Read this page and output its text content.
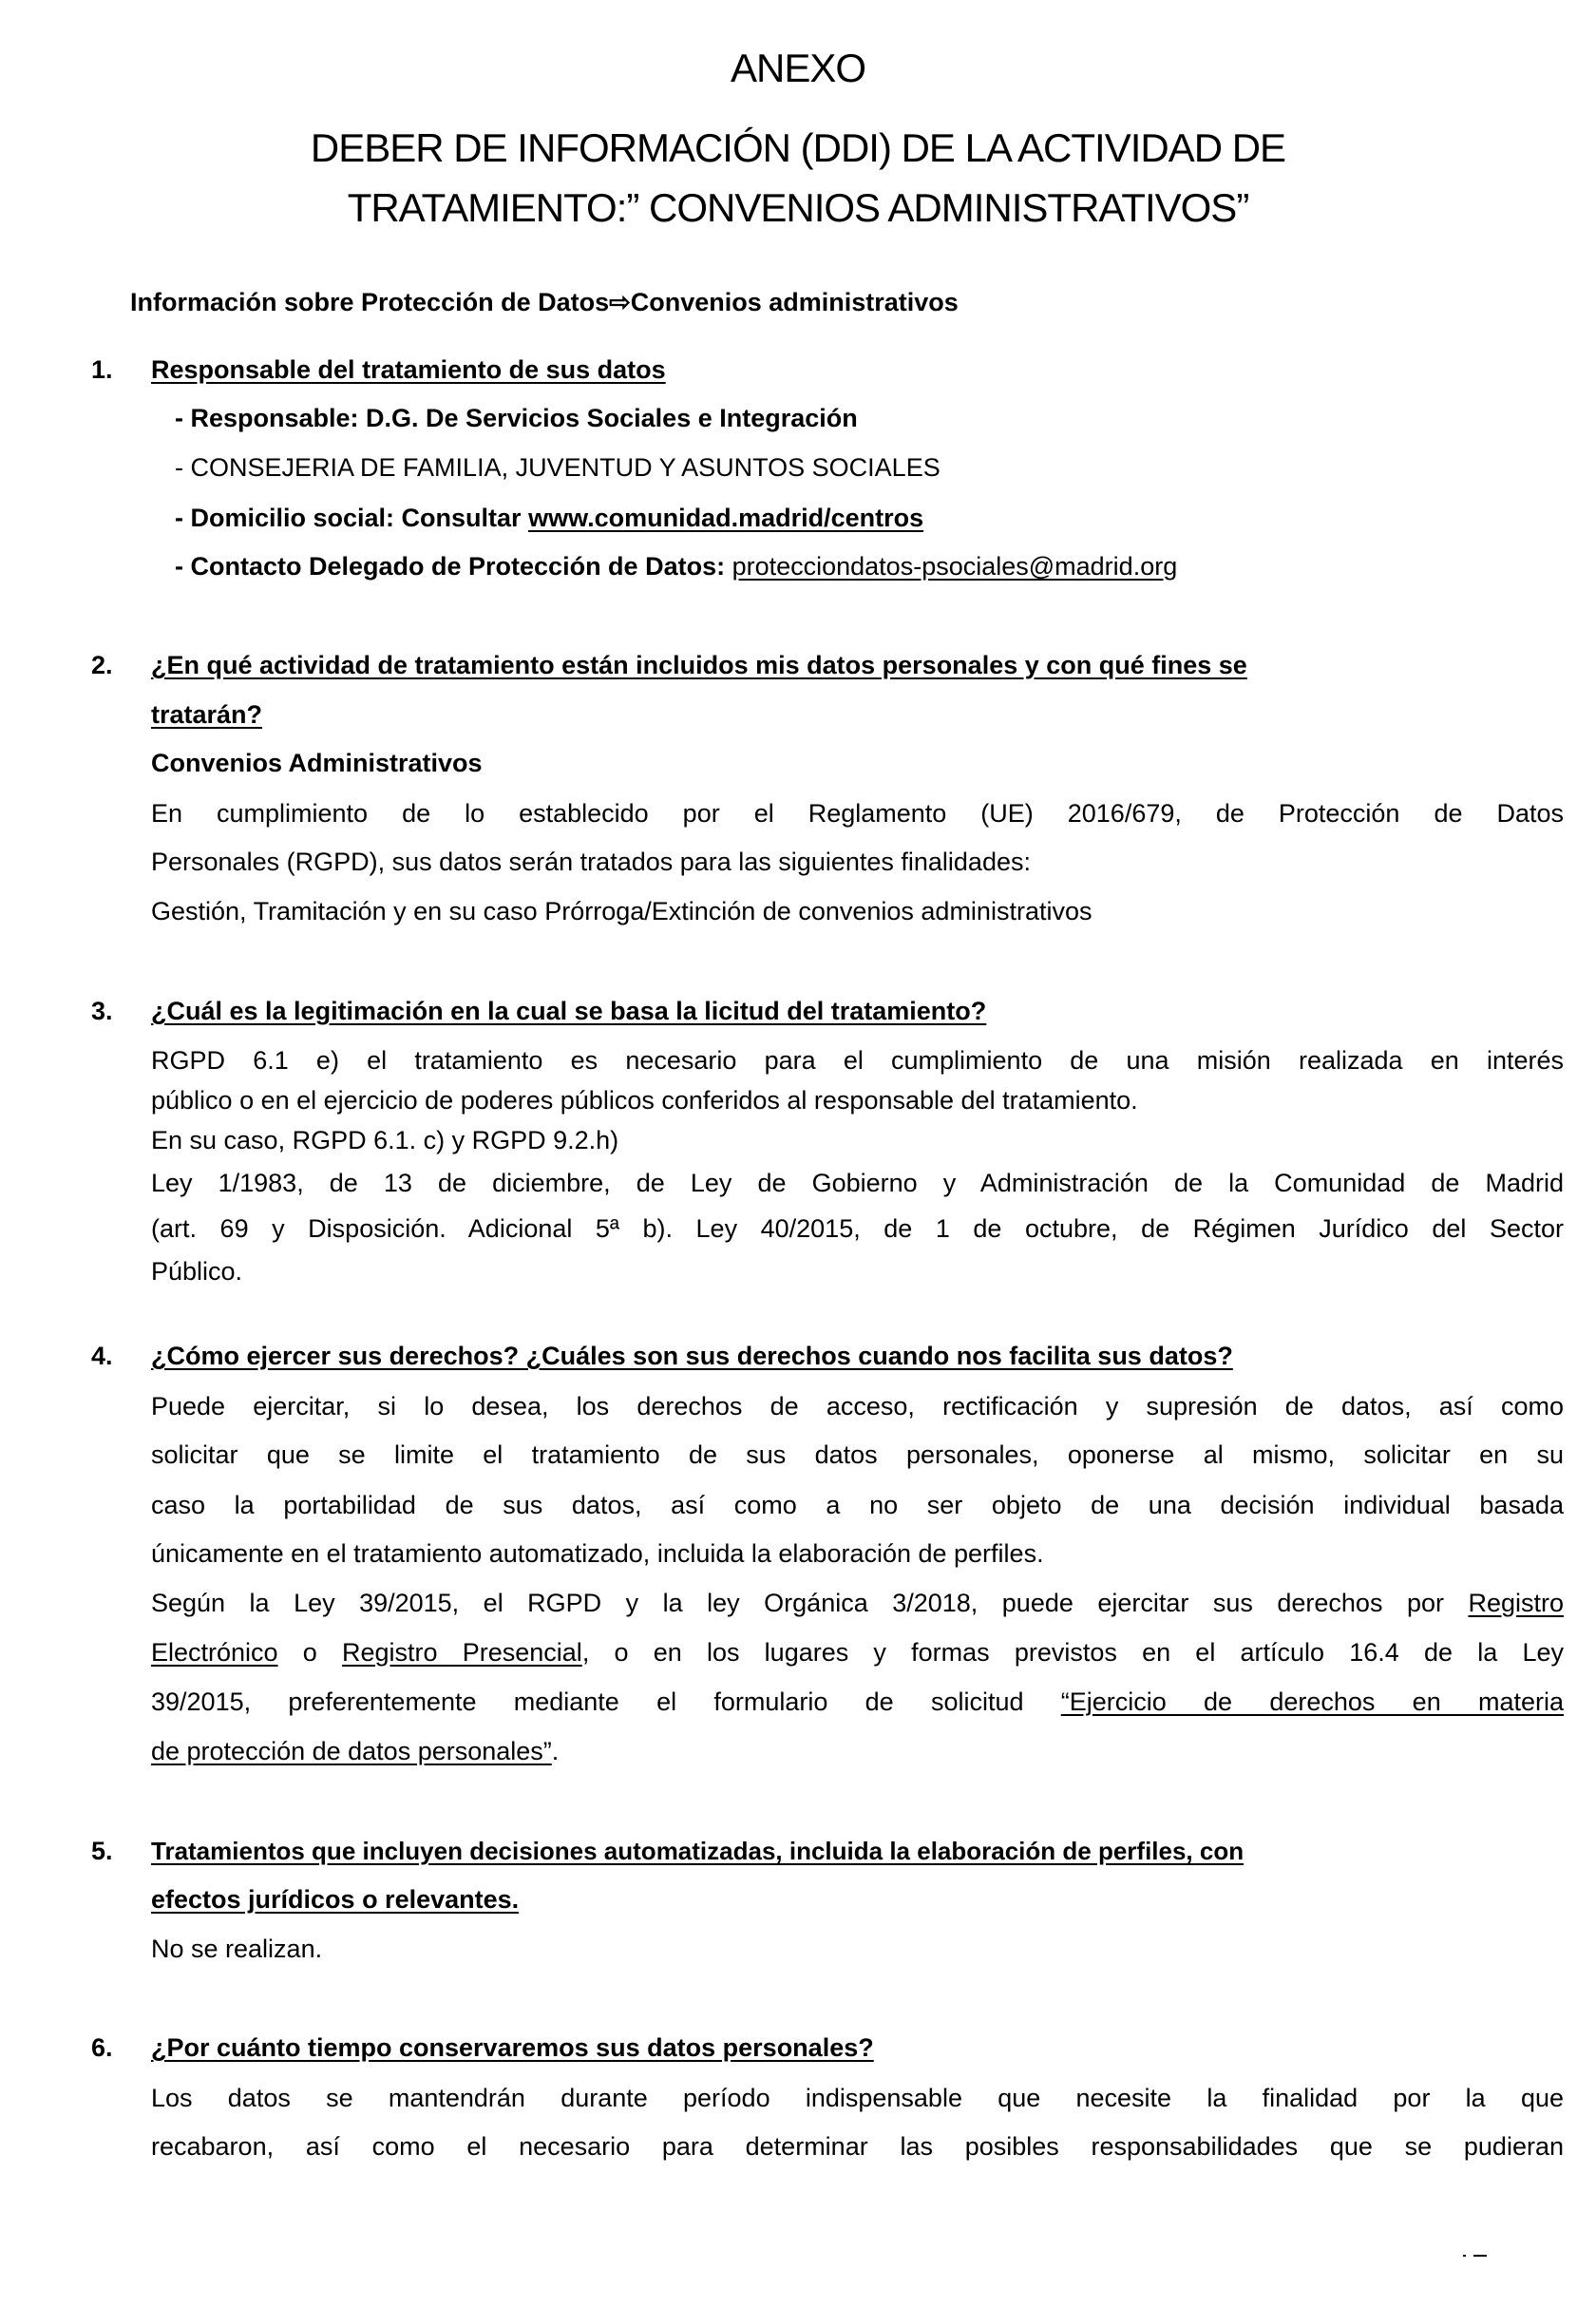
ANEXO
DEBER DE INFORMACIÓN (DDI) DE LA ACTIVIDAD DE
TRATAMIENTO:” CONVENIOS ADMINISTRATIVOS”
Información sobre Protección de Datos⇨Convenios administrativos
1. Responsable del tratamiento de sus datos
- Responsable: D.G. De Servicios Sociales e Integración
- CONSEJERIA DE FAMILIA, JUVENTUD Y ASUNTOS SOCIALES
- Domicilio social: Consultar www.comunidad.madrid/centros
- Contacto Delegado de Protección de Datos: protecciondatos-psociales@madrid.org
2. ¿En qué actividad de tratamiento están incluidos mis datos personales y con qué fines se
tratarán?
Convenios Administrativos
En cumplimiento de lo establecido por el Reglamento (UE) 2016/679, de Protección de Datos
Personales (RGPD), sus datos serán tratados para las siguientes finalidades:
Gestión, Tramitación y en su caso Prórroga/Extinción de convenios administrativos
3. ¿Cuál es la legitimación en la cual se basa la licitud del tratamiento?
RGPD 6.1 e) el tratamiento es necesario para el cumplimiento de una misión realizada en interés
público o en el ejercicio de poderes públicos conferidos al responsable del tratamiento.
En su caso, RGPD 6.1. c) y RGPD 9.2.h)
Ley 1/1983, de 13 de diciembre, de Ley de Gobierno y Administración de la Comunidad de Madrid
(art. 69 y Disposición. Adicional 5ª b). Ley 40/2015, de 1 de octubre, de Régimen Jurídico del Sector
Público.
4. ¿Cómo ejercer sus derechos? ¿Cuáles son sus derechos cuando nos facilita sus datos?
Puede ejercitar, si lo desea, los derechos de acceso, rectificación y supresión de datos, así como
solicitar que se limite el tratamiento de sus datos personales, oponerse al mismo, solicitar en su
caso la portabilidad de sus datos, así como a no ser objeto de una decisión individual basada
únicamente en el tratamiento automatizado, incluida la elaboración de perfiles.
Según la Ley 39/2015, el RGPD y la ley Orgánica 3/2018, puede ejercitar sus derechos por Registro
Electrónico o Registro Presencial, o en los lugares y formas previstos en el artículo 16.4 de la Ley
39/2015, preferentemente mediante el formulario de solicitud “Ejercicio de derechos en materia
de protección de datos personales”.
5. Tratamientos que incluyen decisiones automatizadas, incluida la elaboración de perfiles, con
efectos jurídicos o relevantes.
No se realizan.
6. ¿Por cuánto tiempo conservaremos sus datos personales?
Los datos se mantendrán durante período indispensable que necesite la finalidad por la que
recabaron, así como el necesario para determinar las posibles responsabilidades que se pudieran
